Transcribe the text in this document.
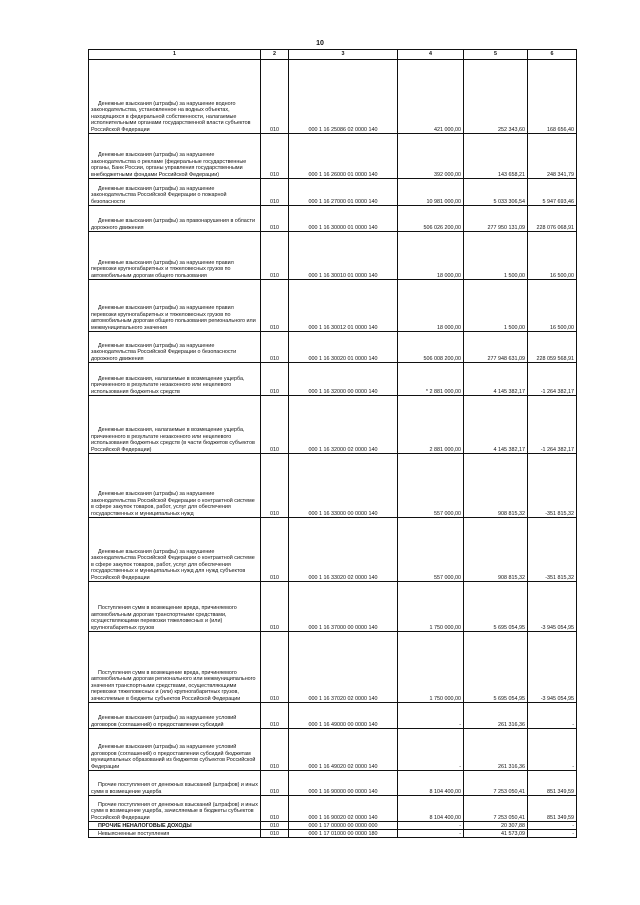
10
1	2	3	4	5	6

Денежные взыскания (штрафы) за нарушение водного законодательства, установленное на водных объектах, находящихся в федеральной собственности, налагаемые исполнительными органами государственной власти субъектов Российской Федерации	010	000 1 16 25086 02 0000 140	421 000,00	252 343,60	168 656,40

Денежные взыскания (штрафы) за нарушение законодательства о рекламе (федеральные государственные органы, Банк России, органы управления государственными внебюджетными фондами Российской Федерации)	010	000 1 16 26000 01 0000 140	392 000,00	143 658,21	248 341,79

Денежные взыскания (штрафы) за нарушение законодательства Российской Федерации о пожарной безопасности	010	000 1 16 27000 01 0000 140	10 981 000,00	5 033 306,54	5 947 693,46

Денежные взыскания (штрафы) за правонарушения в области дорожного движения	010	000 1 16 30000 01 0000 140	506 026 200,00	277 950 131,09	228 076 068,91

Денежные взыскания (штрафы) за нарушение правил перевозки крупногабаритных и тяжеловесных грузов по автомобильным дорогам общего пользования	010	000 1 16 30010 01 0000 140	18 000,00	1 500,00	16 500,00

Денежные взыскания (штрафы) за нарушение правил перевозки крупногабаритных и тяжеловесных грузов по автомобильным дорогам общего пользования регионального или межмуниципального значения	010	000 1 16 30012 01 0000 140	18 000,00	1 500,00	16 500,00

Денежные взыскания (штрафы) за нарушение законодательства Российской Федерации о безопасности дорожного движения	010	000 1 16 30020 01 0000 140	506 008 200,00	277 948 631,09	228 059 568,91

Денежные взыскания, налагаемые в возмещение ущерба, причиненного в результате незаконного или нецелевого использования бюджетных средств	010	000 1 16 32000 00 0000 140	* 2 881 000,00	4 145 382,17	-1 264 382,17

Денежные взыскания, налагаемые в возмещение ущерба, причиненного в результате незаконного или нецелевого использования бюджетных средств (в части бюджетов субъектов Российской Федерации)	010	000 1 16 32000 02 0000 140	2 881 000,00	4 145 382,17	-1 264 382,17

Денежные взыскания (штрафы) за нарушение законодательства Российской Федерации о контрактной системе в сфере закупок товаров, работ, услуг для обеспечения государственных и муниципальных нужд	010	000 1 16 33000 00 0000 140	557 000,00	908 815,32	-351 815,32

Денежные взыскания (штрафы) за нарушение законодательства Российской Федерации о контрактной системе в сфере закупок товаров, работ, услуг для обеспечения государственных и муниципальных нужд для нужд субъектов Российской Федерации	010	000 1 16 33020 02 0000 140	557 000,00	908 815,32	-351 815,32

Поступления сумм в возмещение вреда, причиняемого автомобильным дорогам транспортными средствами, осуществляющими перевозки тяжеловесных и (или) крупногабаритных грузов	010	000 1 16 37000 00 0000 140	1 750 000,00	5 695 054,95	-3 945 054,95

Поступления сумм в возмещение вреда, причиняемого автомобильным дорогам регионального или межмуниципального значения транспортными средствами, осуществляющими перевозки тяжеловесных и (или) крупногабаритных грузов, зачисляемые в бюджеты субъектов Российской Федерации	010	000 1 16 37020 02 0000 140	1 750 000,00	5 695 054,95	-3 945 054,95

Денежные взыскания (штрафы) за нарушение условий договоров (соглашений) о предоставлении субсидий	010	000 1 16 49000 00 0000 140	-	261 316,36	-

Денежные взыскания (штрафы) за нарушение условий договоров (соглашений) о предоставлении субсидий бюджетам муниципальных образований из бюджетов субъектов Российской Федерации	010	000 1 16 49020 02 0000 140	-	261 316,36	-

Прочие поступления от денежных взысканий (штрафов) и иных сумм в возмещение ущерба	010	000 1 16 90000 00 0000 140	8 104 400,00	7 253 050,41	851 349,59

Прочие поступления от денежных взысканий (штрафов) и иных сумм в возмещение ущерба, зачисляемые в бюджеты субъектов Российской Федерации	010	000 1 16 90020 02 0000 140	8 104 400,00	7 253 050,41	851 349,59

ПРОЧИЕ НЕНАЛОГОВЫЕ ДОХОДЫ	010	000 1 17 00000 00 0000 000	-	20 307,88	-

Невыясненные поступления	010	000 1 17 01000 00 0000 180	-	41 573,09	-
